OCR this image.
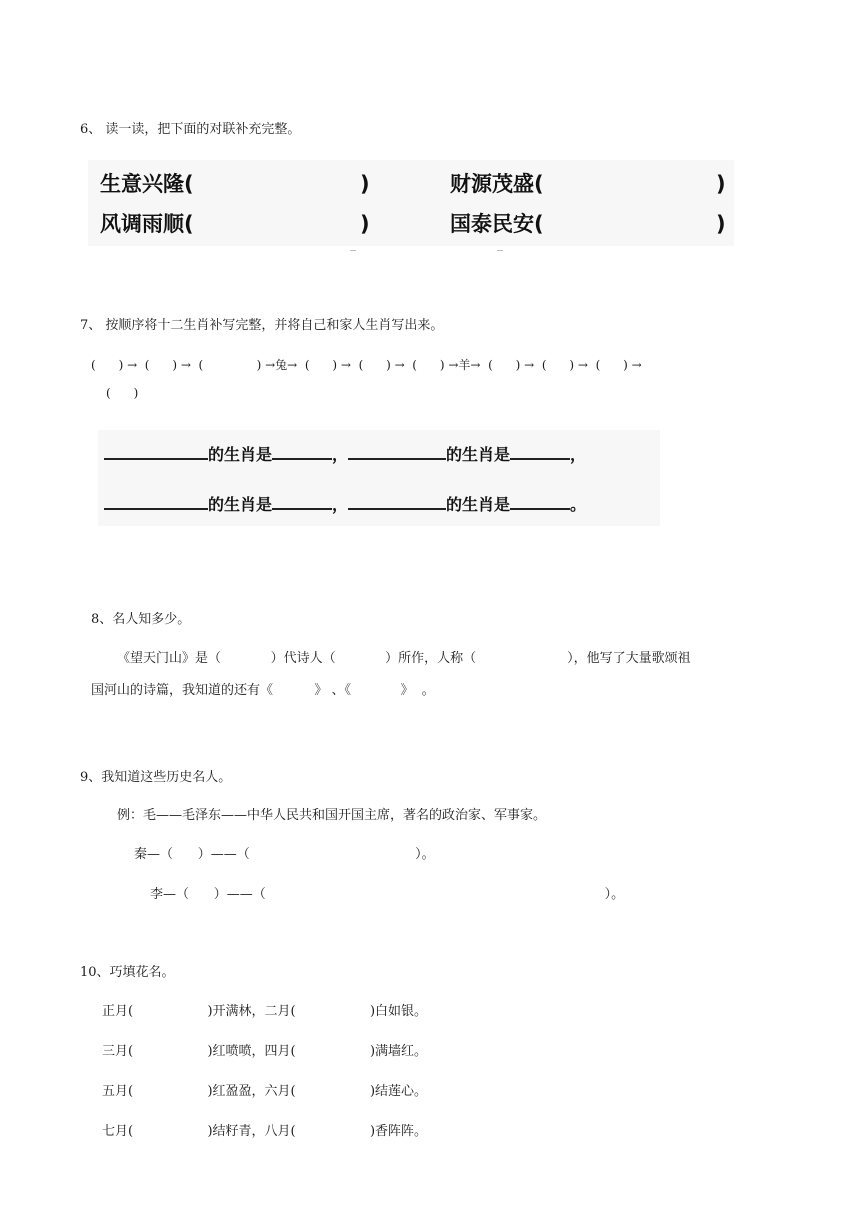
6、 读一读，把下面的对联补充完整。
生意兴隆(	)	财源茂盛(	)
风调雨顺(	)	国泰民安(	)
7、 按顺序将十二生肖补写完整，并将自己和家人生肖写出来。
(      ) →  (      ) →  (              ) →兔→  (      ) →  (      ) →  (      ) →羊→  (      ) →  (      ) →  (      ) →
(      )
的生肖是	，	的生肖是	，
的生肖是	，	的生肖是	。
8、名人知多少。
《望天门山》是（            ）代诗人（            ）所作，人称（                      ），他写了大量歌颂祖
国河山的诗篇，我知道的还有《          》 、《            》  。
9、我知道这些历史名人。
例：毛——毛泽东——中华人民共和国开国主席，著名的政治家、军事家。
秦—（      ）——（                                        ）。
李—（      ）——（                                                                                  ）。
10、巧填花名。
正月(                  )开满林，二月(                  )白如银。
三月(                  )红喷喷，四月(                  )满墙红。
五月(                  )红盈盈，六月(                  )结莲心。
七月(                  )结籽青，八月(                  )香阵阵。
